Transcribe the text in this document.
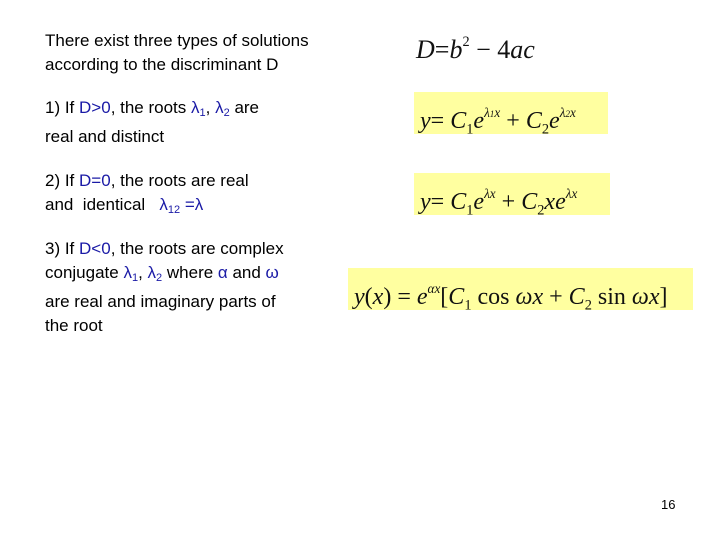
There exist three types of solutions
according to the discriminant D
$D=b^2 - 4ac$
1) If D>0, the roots $\lambda_1$, $\lambda_2$ are
real and distinct
$y= C_1e^{\lambda 1x} + C_2e^{\lambda 2x}$
2) If D=0, the roots are real
and  identical   $\lambda_{12} =\lambda$	$y= C_1e^{\lambda x} + C_2xe^{\lambda x}$
3) If D<0, the roots are complex
conjugate $\lambda_1$, $\lambda_2$ where α and ω
are real and imaginary parts of
the root
$y(x) = e^{\alpha x}[C_1$ $\cos \omega x + C_2$ sin ωx]
16
